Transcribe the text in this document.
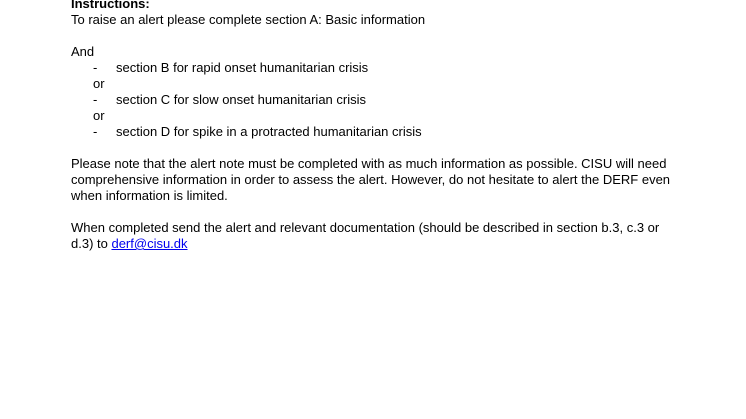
Instructions:
To raise an alert please complete section A: Basic information
And
- section B for rapid onset humanitarian crisis
or
- section C for slow onset humanitarian crisis
or
- section D for spike in a protracted humanitarian crisis
Please note that the alert note must be completed with as much information as possible. CISU will need comprehensive information in order to assess the alert. However, do not hesitate to alert the DERF even when information is limited.
When completed send the alert and relevant documentation (should be described in section b.3, c.3 or d.3) to derf@cisu.dk
